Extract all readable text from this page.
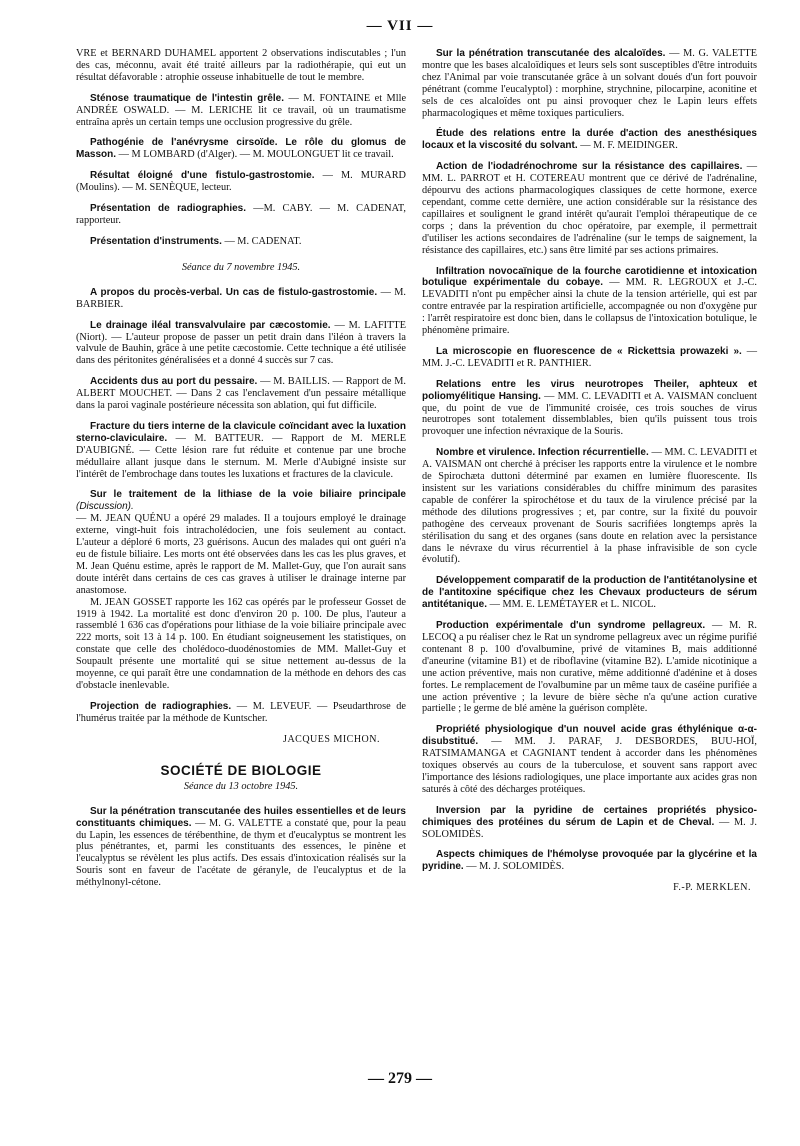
— VII —

VRE et BERNARD DUHAMEL apportent 2 observations indiscutables ; l'un des cas, méconnu, avait été traité ailleurs par la radiothérapie, qui eut un résultat défavorable : atrophie osseuse inhabituelle de tout le membre.

Sténose traumatique de l'intestin grêle. — M. FONTAINE et Mlle ANDRÉE OSWALD. — M. LERICHE lit ce travail, où un traumatisme entraîna après un certain temps une occlusion progressive du grêle.

Pathogénie de l'anévrysme cirsoïde. Le rôle du glomus de Masson. — M LOMBARD (d'Alger). — M. MOULONGUET lit ce travail.

Résultat éloigné d'une fistulo-gastrostomie. — M. MURARD (Moulins). — M. SENÈQUE, lecteur.

Présentation de radiographies. —M. CABY. — M. CADENAT, rapporteur.

Présentation d'instruments. — M. CADENAT.

Séance du 7 novembre 1945.

A propos du procès-verbal. Un cas de fistulo-gastrostomie. — M. BARBIER.

Le drainage iléal transvalvulaire par cæcostomie. — M. LAFITTE (Niort). — L'auteur propose de passer un petit drain dans l'iléon à travers la valvule de Bauhin, grâce à une petite cæcostomie. Cette technique a été utilisée dans des péritonites généralisées et a donné 4 succès sur 7 cas.

Accidents dus au port du pessaire. — M. BAILLIS. — Rapport de M. ALBERT MOUCHET. — Dans 2 cas l'enclavement d'un pessaire métallique dans la paroi vaginale postérieure nécessita son ablation, qui fut difficile.

Fracture du tiers interne de la clavicule coïncidant avec la luxation sterno-claviculaire. — M. BATTEUR. — Rapport de M. MERLE D'AUBIGNÉ. — Cette lésion rare fut réduite et contenue par une broche médullaire allant jusque dans le sternum. M. Merle d'Aubigné insiste sur l'intérêt de l'embrochage dans toutes les luxations et fractures de la clavicule.

Sur le traitement de la lithiase de la voie biliaire principale (Discussion).

— M. JEAN QUÉNU a opéré 29 malades. Il a toujours employé le drainage externe, vingt-huit fois intracholédocien, une fois seulement au contact. L'auteur a déploré 6 morts, 23 guérisons. Aucun des malades qui ont guéri n'a eu de fistule biliaire. Les morts ont été observées dans les cas les plus graves, et M. Jean Quénu estime, après le rapport de M. Mallet-Guy, que l'on aurait sans doute intérêt dans certains de ces cas graves à utiliser le drainage interne par anastomose.

M. JEAN GOSSET rapporte les 162 cas opérés par le professeur Gosset de 1919 à 1942. La mortalité est donc d'environ 20 p. 100. De plus, l'auteur a rassemblé 1 636 cas d'opérations pour lithiase de la voie biliaire principale avec 222 morts, soit 13 à 14 p. 100. En étudiant soigneusement les statistiques, on constate que celle des cholédoco-duodénostomies de MM. Mallet-Guy et Soupault présente une mortalité qui se situe nettement au-dessus de la moyenne, ce qui paraît être une condamnation de la méthode en dehors des cas d'obstacle inenlevable.

Projection de radiographies. — M. LEVEUF. — Pseudarthrose de l'humérus traitée par la méthode de Kuntscher.

JACQUES MICHON.
SOCIÉTÉ DE BIOLOGIE
Séance du 13 octobre 1945.

Sur la pénétration transcutanée des huiles essentielles et de leurs constituants chimiques. — M. G. VALETTE a constaté que, pour la peau du Lapin, les essences de térébenthine, de thym et d'eucalyptus se montrent les plus pénétrantes, et, parmi les constituants des essences, le pinène et l'eucalyptus se révèlent les plus actifs. Des essais d'intoxication réalisés sur la Souris sont en faveur de l'acétate de géranyle, de l'eucalyptus et de la méthylnonyl-cétone.

Sur la pénétration transcutanée des alcaloïdes. — M. G. VALETTE montre que les bases alcaloïdiques et leurs sels sont susceptibles d'être introduits chez l'Animal par voie transcutanée grâce à un solvant doués d'un fort pouvoir pénétrant (comme l'eucalyptol) : morphine, strychnine, pilocarpine, aconitine et sels de ces alcaloïdes ont pu ainsi provoquer chez le Lapin leurs effets pharmacologiques et même toxiques particuliers.

Étude des relations entre la durée d'action des anesthésiques locaux et la viscosité du solvant. — M. F. MEIDINGER.

Action de l'iodadrénochrome sur la résistance des capillaires. — MM. L. PARROT et H. COTEREAU montrent que ce dérivé de l'adrénaline, dépourvu des actions pharmacologiques classiques de cette hormone, exerce cependant, comme cette dernière, une action considérable sur la résistance des capillaires et soulignent le grand intérêt qu'aurait l'emploi thérapeutique de ce corps ; dans la prévention du choc opératoire, par exemple, il permettrait d'utiliser les actions secondaires de l'adrénaline (sur le temps de saignement, la résistance des capillaires, etc.) sans être limité par ses actions primaires.

Infiltration novocaïnique de la fourche carotidienne et intoxication botulique expérimentale du cobaye. — MM. R. LEGROUX et J.-C. LEVADITI n'ont pu empêcher ainsi la chute de la tension artérielle, qui est par contre entravée par la respiration artificielle, accompagnée ou non d'oxygène pur : l'arrêt respiratoire est donc bien, dans le collapsus de l'intoxication botulique, le phénomène primaire.

La microscopie en fluorescence de « Rickettsia prowazeki ». — MM. J.-C. LEVADITI et R. PANTHIER.

Relations entre les virus neurotropes Theiler, aphteux et poliomyélitique Hansing. — MM. C. LEVADITI et A. VAISMAN concluent que, du point de vue de l'immunité croisée, ces trois souches de virus neurotropes sont totalement dissemblables, bien qu'ils puissent tous trois provoquer une infection névraxique de la Souris.

Nombre et virulence. Infection récurrentielle. — MM. C. LEVADITI et A. VAISMAN ont cherché à préciser les rapports entre la virulence et le nombre de Spirochæta duttoni déterminé par examen en lumière fluorescente. Ils insistent sur les variations considérables du chiffre minimum des parasites capable de conférer la spirochétose et du taux de la virulence précisé par la méthode des dilutions progressives ; et, par contre, sur la fixité du pouvoir pathogène des cerveaux provenant de Souris sacrifiées longtemps après la stérilisation du sang et des organes (sans doute en relation avec la persistance dans le névraxe du virus récurrentiel à la phase infravisible de son cycle évolutif).

Développement comparatif de la production de l'antitétanolysine et de l'antitoxine spécifique chez les Chevaux producteurs de sérum antitétanique. — MM. E. LEMÉTAYER et L. NICOL.

Production expérimentale d'un syndrome pellagreux. — M. R. LECOQ a pu réaliser chez le Rat un syndrome pellagreux avec un régime purifié contenant 8 p. 100 d'ovalbumine, privé de vitamines B, mais additionné d'aneurine (vitamine B1) et de riboflavine (vitamine B2). L'amide nicotinique a une action préventive, mais non curative, même additionné d'adénine et à doses fortes. Le remplacement de l'ovalbumine par un même taux de caséine purifiée a une action préventive ; la levure de bière sèche n'a qu'une action curative partielle ; le germe de blé amène la guérison complète.

Propriété physiologique d'un nouvel acide gras éthylénique α-α-disubstitué. — MM. J. PARAF, J. DESBORDES, BUU-HOÏ, RATSIMAMANGA et CAGNIANT tendent à accorder dans les phénomènes toxiques observés au cours de la tuberculose, et souvent sans rapport avec l'importance des lésions radiologiques, une place importante aux acides gras non saturés à côté des décharges protéiques.

Inversion par la pyridine de certaines propriétés physico-chimiques des protéines du sérum de Lapin et de Cheval. — M. J. SOLOMIDÈS.

Aspects chimiques de l'hémolyse provoquée par la glycérine et la pyridine. — M. J. SOLOMIDÈS.

F.-P. MERKLEN.
— 279 —
